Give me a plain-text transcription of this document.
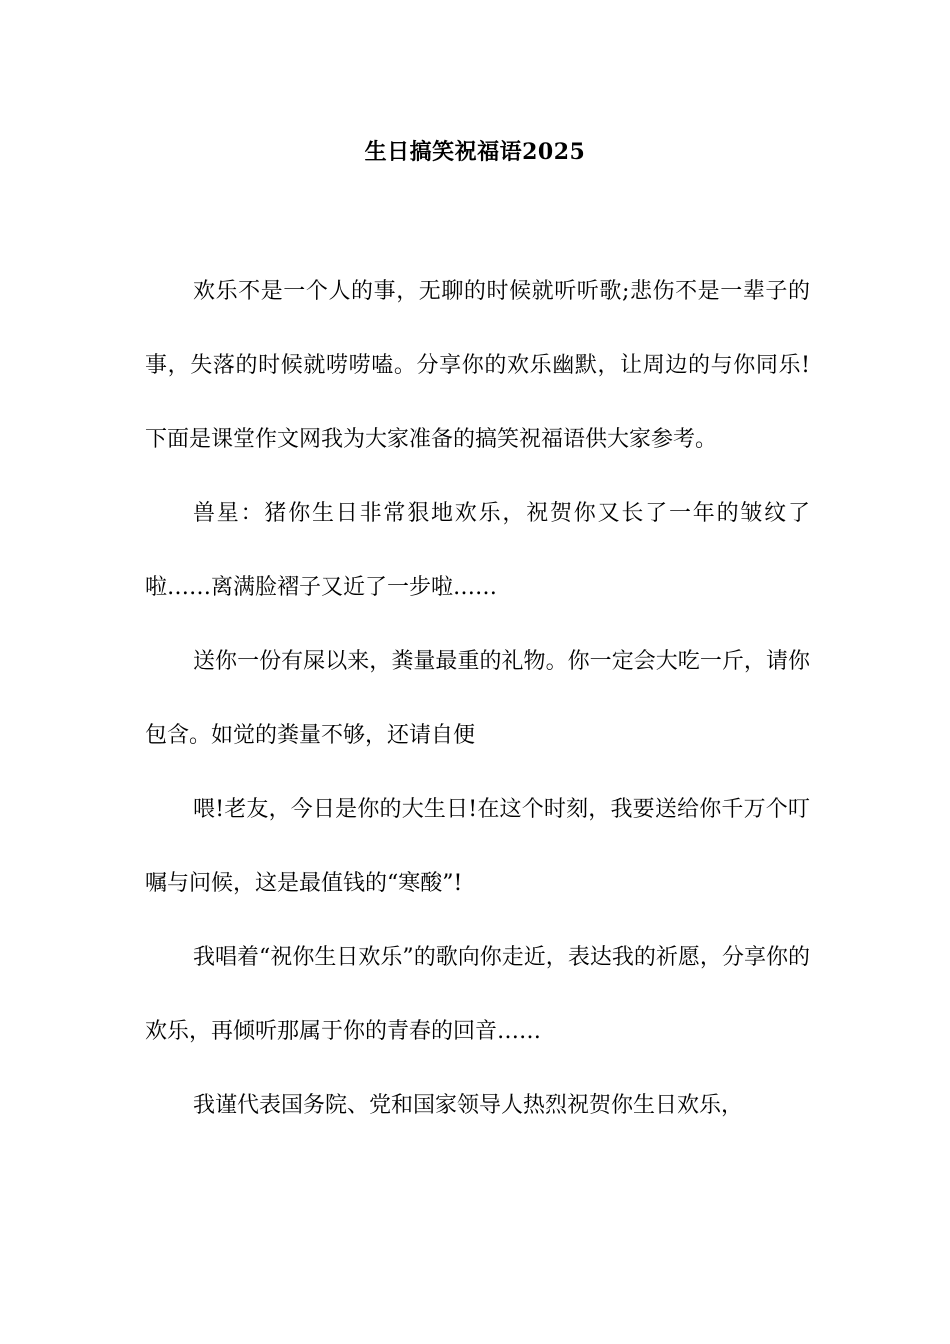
生日搞笑祝福语2025

欢乐不是一个人的事，无聊的时候就听听歌;悲伤不是一辈子的事，失落的时候就唠唠嗑。分享你的欢乐幽默，让周边的与你同乐!下面是课堂作文网我为大家准备的搞笑祝福语供大家参考。

兽星：猪你生日非常狠地欢乐，祝贺你又长了一年的皱纹了啦……离满脸褶子又近了一步啦……

送你一份有屎以来，粪量最重的礼物。你一定会大吃一斤，请你包含。如觉的粪量不够，还请自便

喂!老友，今日是你的大生日!在这个时刻，我要送给你千万个叮嘱与问候，这是最值钱的“寒酸”!

我唱着“祝你生日欢乐”的歌向你走近，表达我的祈愿，分享你的欢乐，再倾听那属于你的青春的回音……

我谨代表国务院、党和国家领导人热烈祝贺你生日欢乐，
